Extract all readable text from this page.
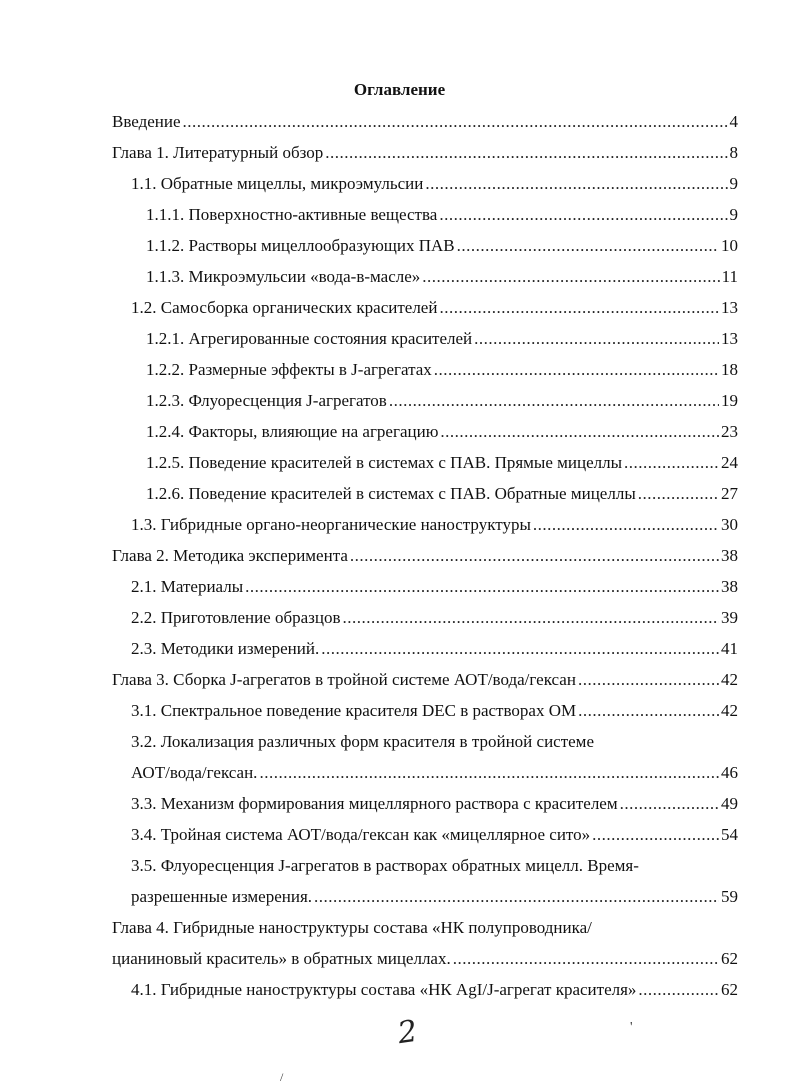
Оглавление
Введение .....	4
Глава 1. Литературный обзор .....	8
1.1. Обратные мицеллы, микроэмульсии .....	9
1.1.1. Поверхностно-активные вещества .....	9
1.1.2. Растворы мицеллообразующих ПАВ .....	10
1.1.3. Микроэмульсии «вода-в-масле» .....	11
1.2. Самосборка органических красителей .....	13
1.2.1. Агрегированные состояния красителей .....	13
1.2.2. Размерные эффекты в J-агрегатах .....	18
1.2.3. Флуоресценция J-агрегатов .....	19
1.2.4. Факторы, влияющие на агрегацию .....	23
1.2.5. Поведение красителей в системах с ПАВ. Прямые мицеллы .....	24
1.2.6. Поведение красителей в системах с ПАВ. Обратные мицеллы .....	27
1.3. Гибридные органо-неорганические наноструктуры .....	30
Глава 2. Методика эксперимента .....	38
2.1. Материалы .....	38
2.2. Приготовление образцов .....	39
2.3. Методики измерений. .....	41
Глава 3. Сборка J-агрегатов в тройной системе АОТ/вода/гексан .....	42
3.1. Спектральное поведение красителя DEC в растворах ОМ .....	42
3.2. Локализация различных форм красителя в тройной системе
АОТ/вода/гексан. .....	46
3.3. Механизм формирования мицеллярного раствора с красителем .....	49
3.4. Тройная система АОТ/вода/гексан как «мицеллярное сито» .....	54
3.5. Флуоресценция J-агрегатов в растворах обратных мицелл. Время-
разрешенные измерения. .....	59
Глава 4. Гибридные наноструктуры состава «НК полупроводника/
цианиновый краситель» в обратных мицеллах. .....	62
4.1. Гибридные наноструктуры состава «НК AgI/J-агрегат красителя» .....	62
2	'
/
